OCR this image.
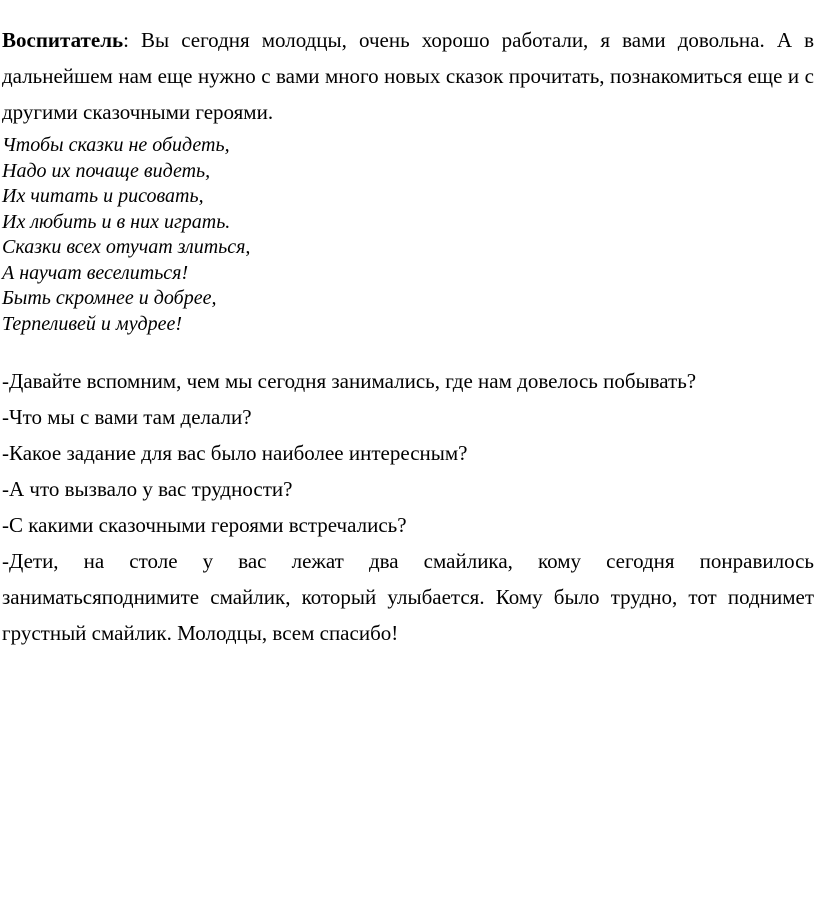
Воспитатель: Вы сегодня молодцы, очень хорошо работали, я вами довольна. А в дальнейшем нам еще нужно с вами много новых сказок прочитать, познакомиться еще и с другими сказочными героями.

Чтобы сказки не обидеть,
Надо их почаще видеть,
Их читать и рисовать,
Их любить и в них играть.
Сказки всех отучат злиться,
А научат веселиться!
Быть скромнее и добрее,
Терпеливей и мудрее!

-Давайте вспомним, чем мы сегодня занимались, где нам довелось побывать?

-Что мы с вами там делали?

-Какое задание для вас было наиболее интересным?

-А что вызвало у вас трудности?

-С какими сказочными героями встречались?

-Дети, на столе у вас лежат два смайлика, кому сегодня понравилось заниматьсяподнимите смайлик, который улыбается. Кому было трудно, тот поднимет грустный смайлик. Молодцы, всем спасибо!
